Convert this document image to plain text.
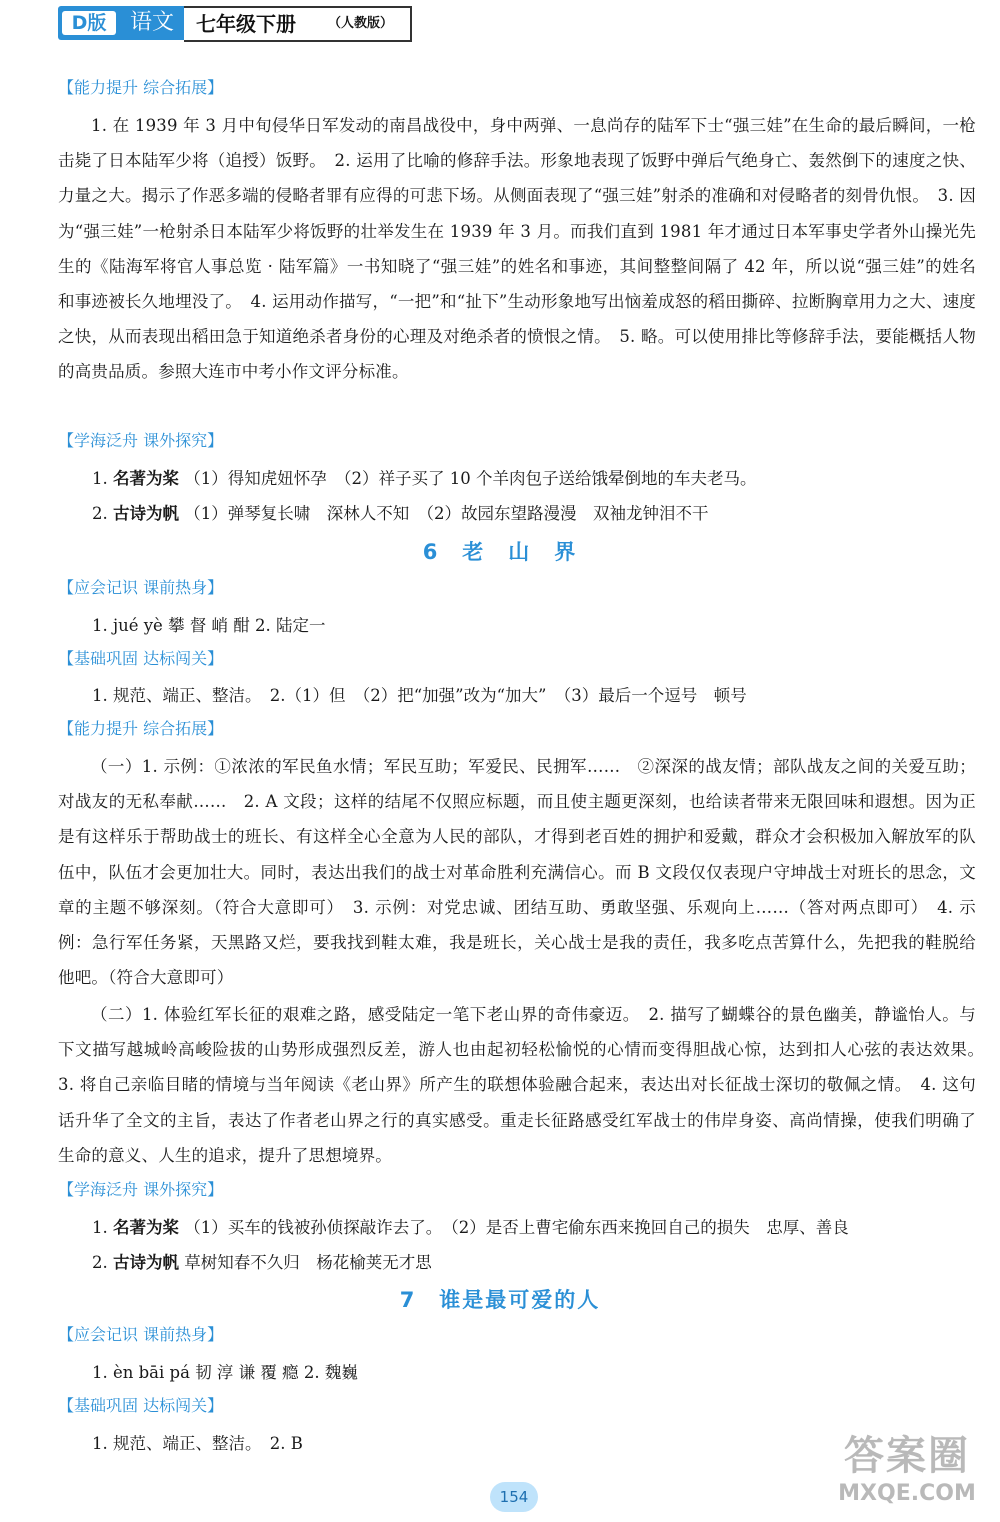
D版	语文	七年级下册 （人教版）
【能力提升 综合拓展】

1. 在 1939 年 3 月中旬侵华日军发动的南昌战役中，身中两弹、一息尚存的陆军下士“强三娃”在生命的最后瞬间，一枪击毙了日本陆军少将（追授）饭野。　2. 运用了比喻的修辞手法。形象地表现了饭野中弹后气绝身亡、轰然倒下的速度之快、力量之大。揭示了作恶多端的侵略者罪有应得的可悲下场。从侧面表现了“强三娃”射杀的准确和对侵略者的刻骨仇恨。　3. 因为“强三娃”一枪射杀日本陆军少将饭野的壮举发生在 1939 年 3 月。而我们直到 1981 年才通过日本军事史学者外山操光先生的《陆海军将官人事总览 · 陆军篇》一书知晓了“强三娃”的姓名和事迹，其间整整间隔了 42 年，所以说“强三娃”的姓名和事迹被长久地埋没了。　4. 运用动作描写，“一把”和“扯下”生动形象地写出恼羞成怒的稻田撕碎、拉断胸章用力之大、速度之快，从而表现出稻田急于知道绝杀者身份的心理及对绝杀者的愤恨之情。　5. 略。可以使用排比等修辞手法，要能概括人物的高贵品质。参照大连市中考小作文评分标准。

【学海泛舟 课外探究】
1. 名著为桨 （1）得知虎妞怀孕　（2）祥子买了 10 个羊肉包子送给饿晕倒地的车夫老马。
2. 古诗为帆 （1）弹琴复长啸　深林人不知　（2）故园东望路漫漫　双袖龙钟泪不干
6　老　山　界
【应会记识 课前热身】
1. jué yè 攀 督 峭 酣 2. 陆定一
【基础巩固 达标闯关】
1. 规范、端正、整洁。　2.（1）但　（2）把“加强”改为“加大”　（3）最后一个逗号　顿号
【能力提升 综合拓展】

（一）1. 示例：①浓浓的军民鱼水情；军民互助；军爱民、民拥军……　②深深的战友情；部队战友之间的关爱互助；对战友的无私奉献……　2. A 文段；这样的结尾不仅照应标题，而且使主题更深刻，也给读者带来无限回味和遐想。因为正是有这样乐于帮助战士的班长、有这样全心全意为人民的部队，才得到老百姓的拥护和爱戴，群众才会积极加入解放军的队伍中，队伍才会更加壮大。同时，表达出我们的战士对革命胜利充满信心。而 B 文段仅仅表现户守坤战士对班长的思念，文章的主题不够深刻。（符合大意即可）　3. 示例：对党忠诚、团结互助、勇敢坚强、乐观向上……（答对两点即可）　4. 示例：急行军任务紧，天黑路又烂，要我找到鞋太难，我是班长，关心战士是我的责任，我多吃点苦算什么，先把我的鞋脱给他吧。（符合大意即可）

（二）1. 体验红军长征的艰难之路，感受陆定一笔下老山界的奇伟豪迈。　2. 描写了蝴蝶谷的景色幽美，静谧怡人。与下文描写越城岭高峻险拔的山势形成强烈反差，游人也由起初轻松愉悦的心情而变得胆战心惊，达到扣人心弦的表达效果。　3. 将自己亲临目睹的情境与当年阅读《老山界》所产生的联想体验融合起来，表达出对长征战士深切的敬佩之情。　4. 这句话升华了全文的主旨，表达了作者老山界之行的真实感受。重走长征路感受红军战士的伟岸身姿、高尚情操，使我们明确了生命的意义、人生的追求，提升了思想境界。

【学海泛舟 课外探究】
1. 名著为桨 （1）买车的钱被孙侦探敲诈去了。　（2）是否上曹宅偷东西来挽回自己的损失　忠厚、善良
2. 古诗为帆 草树知春不久归　杨花榆荚无才思
7　谁是最可爱的人
【应会记识 课前热身】
1. èn bāi pá 韧 淳 谦 覆 瘾 2. 魏巍
【基础巩固 达标闯关】
1. 规范、端正、整洁。　2. B
154
答案圈
MXQE.COM
